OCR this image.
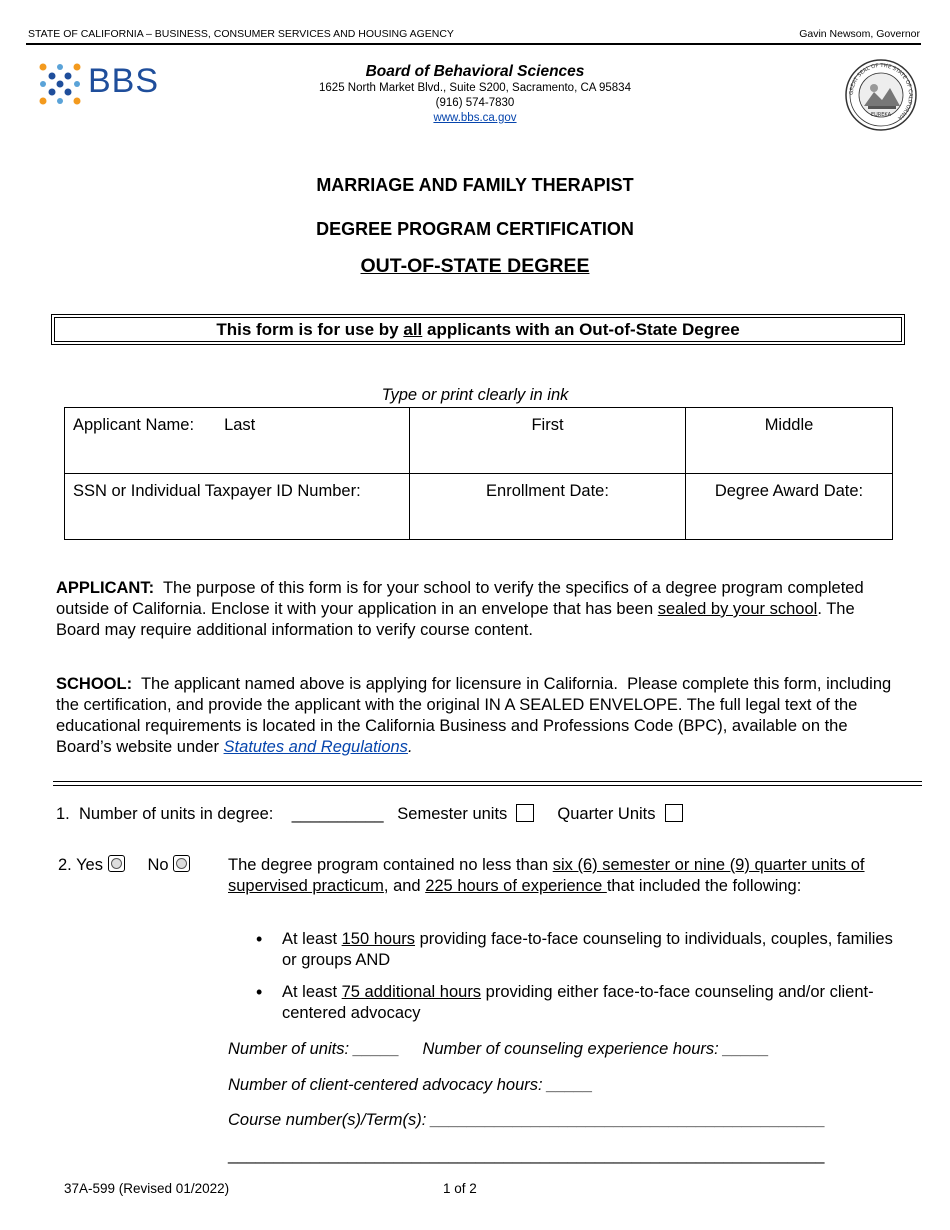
STATE OF CALIFORNIA – BUSINESS, CONSUMER SERVICES AND HOUSING AGENCY	Gavin Newsom, Governor
BBS	Board of Behavioral Sciences
1625 North Market Blvd., Suite S200, Sacramento, CA 95834
(916) 574-7830
www.bbs.ca.gov
GREAT SEAL OF THE STATE OF CALIFORNIA
EUREKA
MARRIAGE AND FAMILY THERAPIST
DEGREE PROGRAM CERTIFICATION
OUT-OF-STATE DEGREE
This form is for use by all applicants with an Out-of-State Degree
Type or print clearly in ink
Applicant Name: Last	First	Middle
SSN or Individual Taxpayer ID Number:	Enrollment Date:	Degree Award Date:
APPLICANT:  The purpose of this form is for your school to verify the specifics of a degree program completed outside of California. Enclose it with your application in an envelope that has been sealed by your school. The Board may require additional information to verify course content.
SCHOOL:  The applicant named above is applying for licensure in California.  Please complete this form, including the certification, and provide the applicant with the original IN A SEALED ENVELOPE. The full legal text of the educational requirements is located in the California Business and Professions Code (BPC), available on the Board’s website under Statutes and Regulations.
1. Number of units in degree: __________ Semester units	Quarter Units
2. Yes	No	The degree program contained no less than six (6) semester or nine (9) quarter units of supervised practicum, and 225 hours of experience that included the following:
• At least 150 hours providing face-to-face counseling to individuals, couples, families or groups AND
• At least 75 additional hours providing either face-to-face counseling and/or client-centered advocacy
Number of units: _____ Number of counseling experience hours: _____
Number of client-centered advocacy hours: _____
Course number(s)/Term(s): ___________________________________________
_________________________________________________________________
37A-599 (Revised 01/2022)	1 of 2
